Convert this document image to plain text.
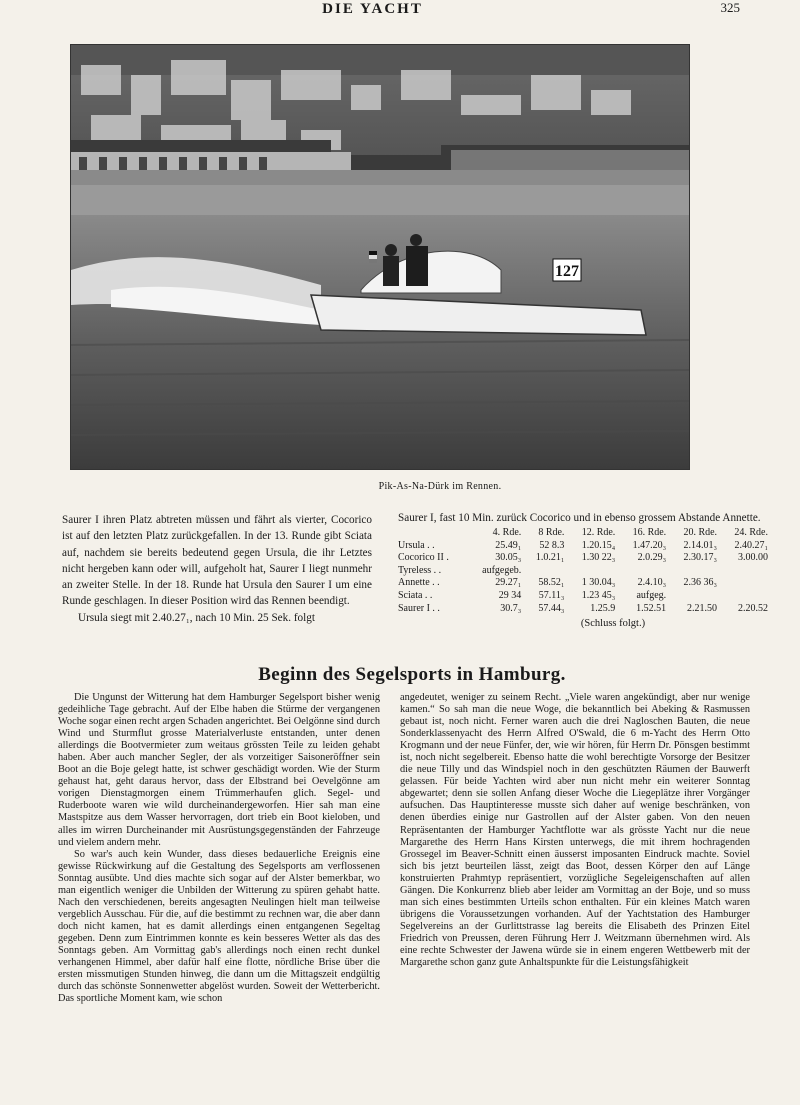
DIE YACHT	325
127
Pik-As-Na-Dürk im Rennen.

Saurer I ihren Platz abtreten müssen und fährt als vierter, Cocorico ist auf den letzten Platz zurückgefallen. In der 13. Runde gibt Sciata auf, nachdem sie bereits bedeutend gegen Ursula, die ihr Letztes nicht hergeben kann oder will, aufgeholt hat, Saurer I liegt nunmehr an zweiter Stelle. In der 18. Runde hat Ursula den Saurer I um eine Runde geschlagen. In dieser Position wird das Rennen beendigt.

Ursula siegt mit 2.40.27₁, nach 10 Min. 25 Sek. folgt

Saurer I, fast 10 Min. zurück Cocorico und in ebenso grossem Abstande Annette.

	4. Rde.	8 Rde.	12. Rde.	16. Rde.	20. Rde.	24. Rde.
Ursula . .	25.49₁	52 8.3	1.20.15₄	1.47.20₃	2.14.01₃	2.40.27₁
Cocorico II .	30.05₃	1.0.21₁	1.30 22₃	2.0.29₃	2.30.17₃	3.00.00
Tyreless . .	aufgegeb.					
Annette . .	29.27₁	58.52₁	1 30.04₃	2.4.10₃	2.36 36₃	
Sciata . .	29 34	57.11₃	1.23 45₃	aufgeg.		
Saurer I . .	30.7₃	57.44₃	1.25.9	1.52.51	2.21.50	2.20.52
(Schluss folgt.)
Beginn des Segelsports in Hamburg.

Die Ungunst der Witterung hat dem Hamburger Segelsport bisher wenig gedeihliche Tage gebracht. Auf der Elbe haben die Stürme der vergangenen Woche sogar einen recht argen Schaden angerichtet. Bei Oelgönne sind durch Wind und Sturmflut grosse Materialverluste entstanden, unter denen allerdings die Bootvermieter zum weitaus grössten Teile zu leiden gehabt haben. Aber auch mancher Segler, der als vorzeitiger Saisoneröffner sein Boot an die Boje gelegt hatte, ist schwer geschädigt worden. Wie der Sturm gehaust hat, geht daraus hervor, dass der Elbstrand bei Oevelgönne am vorigen Dienstagmorgen einem Trümmerhaufen glich. Segel- und Ruderboote waren wie wild durcheinandergeworfen. Hier sah man eine Mastspitze aus dem Wasser hervorragen, dort trieb ein Boot kieloben, und alles im wirren Durcheinander mit Ausrüstungsgegenständen der Fahrzeuge und vielem andern mehr.

So war's auch kein Wunder, dass dieses bedauerliche Ereignis eine gewisse Rückwirkung auf die Gestaltung des Segelsports am verflossenen Sonntag ausübte. Und dies machte sich sogar auf der Alster bemerkbar, wo man eigentlich weniger die Unbilden der Witterung zu spüren gehabt hatte. Nach den verschiedenen, bereits angesagten Neulingen hielt man teilweise vergeblich Ausschau. Für die, auf die bestimmt zu rechnen war, die aber dann doch nicht kamen, hat es damit allerdings einen entgangenen Segeltag gegeben. Denn zum Eintrimmen konnte es kein besseres Wetter als das des Sonntags geben. Am Vormittag gab's allerdings noch einen recht dunkel verhangenen Himmel, aber dafür half eine flotte, nördliche Brise über die ersten missmutigen Stunden hinweg, die dann um die Mittagszeit endgültig durch das schönste Sonnenwetter abgelöst wurden. Soweit der Wetterbericht. Das sportliche Moment kam, wie schon

angedeutet, weniger zu seinem Recht. „Viele waren angekündigt, aber nur wenige kamen.“ So sah man die neue Woge, die bekanntlich bei Abeking & Rasmussen gebaut ist, noch nicht. Ferner waren auch die drei Nagloschen Bauten, die neue Sonderklassenyacht des Herrn Alfred O'Swald, die 6 m-Yacht des Herrn Otto Krogmann und der neue Fünfer, der, wie wir hören, für Herrn Dr. Pönsgen bestimmt ist, noch nicht segelbereit. Ebenso hatte die wohl berechtigte Vorsorge der Besitzer die neue Tilly und das Windspiel noch in den geschützten Räumen der Bauwerft gelassen. Für beide Yachten wird aber nun nicht mehr ein weiterer Sonntag abgewartet; denn sie sollen Anfang dieser Woche die Liegeplätze ihrer Vorgänger aufsuchen. Das Hauptinteresse musste sich daher auf wenige beschränken, von denen überdies einige nur Gastrollen auf der Alster gaben. Von den neuen Repräsentanten der Hamburger Yachtflotte war als grösste Yacht nur die neue Margarethe des Herrn Hans Kirsten unterwegs, die mit ihrem hochragenden Grossegel im Beaver-Schnitt einen äusserst imposanten Eindruck machte. Soviel sich bis jetzt beurteilen lässt, zeigt das Boot, dessen Körper den auf Länge konstruierten Prahmtyp repräsentiert, vorzügliche Segeleigenschaften auf allen Gängen. Die Konkurrenz blieb aber leider am Vormittag an der Boje, und so muss man sich eines bestimmten Urteils schon enthalten. Für ein kleines Match waren übrigens die Voraussetzungen vorhanden. Auf der Yachtstation des Hamburger Segelvereins an der Gurlittstrasse lag bereits die Elisabeth des Prinzen Eitel Friedrich von Preussen, deren Führung Herr J. Weitzmann übernehmen wird. Als eine rechte Schwester der Jawena würde sie in einem engeren Wettbewerb mit der Margarethe schon ganz gute Anhaltspunkte für die Leistungsfähigkeit
